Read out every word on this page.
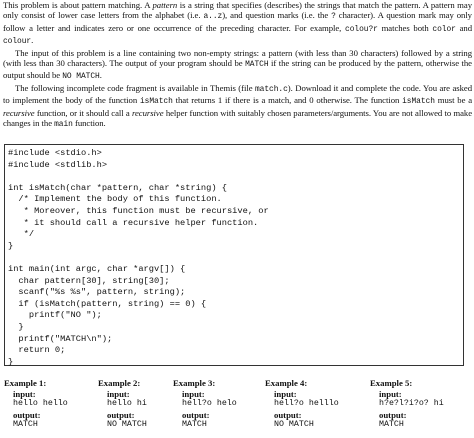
This problem is about pattern matching. A pattern is a string that specifies (describes) the strings that match the pattern. A pattern may only consist of lower case letters from the alphabet (i.e. a..z), and question marks (i.e. the ? character). A question mark may only follow a letter and indicates zero or one occurrence of the preceding character. For example, colou?r matches both color and colour.

The input of this problem is a line containing two non-empty strings: a pattern (with less than 30 characters) followed by a string (with less than 30 characters). The output of your program should be MATCH if the string can be produced by the pattern, otherwise the output should be NO MATCH.

The following incomplete code fragment is available in Themis (file match.c). Download it and complete the code. You are asked to implement the body of the function isMatch that returns 1 if there is a match, and 0 otherwise. The function isMatch must be a recursive function, or it should call a recursive helper function with suitably chosen parameters/arguments. You are not allowed to make changes in the main function.

#include <stdio.h>
#include <stdlib.h>

int isMatch(char *pattern, char *string) {
/* Implement the body of this function.
* Moreover, this function must be recursive, or
* it should call a recursive helper function.
*/
}

int main(int argc, char *argv[]) {
char pattern[30], string[30];
scanf("%s %s", pattern, string);
if (isMatch(pattern, string) == 0) {
printf("NO ");
}
printf("MATCH\n");
return 0;
}
Example 1:
input:
hello hello
output:
MATCH
Example 2:
input:
hello hi
output:
NO MATCH
Example 3:
input:
hell?o helo
output:
MATCH
Example 4:
input:
hell?o helllo
output:
NO MATCH
Example 5:
input:
h?e?l?i?o? hi
output:
MATCH
